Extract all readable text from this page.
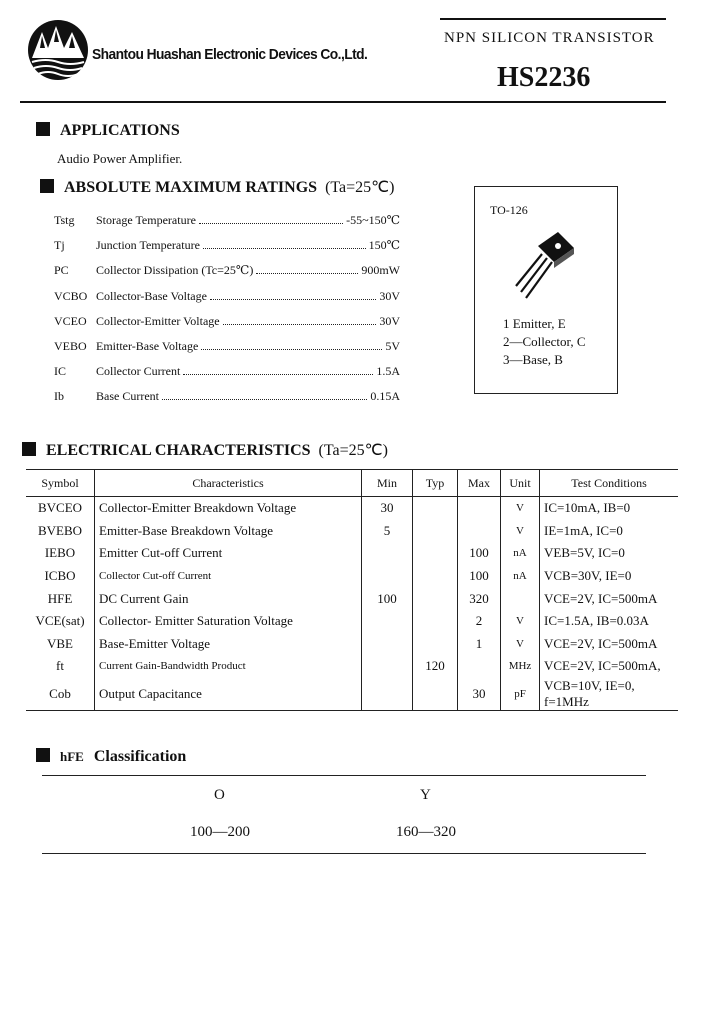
Shantou Huashan Electronic Devices Co.,Ltd.
NPN SILICON TRANSISTOR
HS2236
APPLICATIONS
Audio Power Amplifier.
ABSOLUTE MAXIMUM RATINGS (Ta=25℃)
Tstg	Storage Temperature	-55~150℃
Tj	Junction Temperature	150℃
PC	Collector Dissipation (Tc=25℃)	900mW
VCBO Collector-Base Voltage	30V
VCEO Collector-Emitter Voltage	30V
VEBO Emitter-Base Voltage	5V
IC	Collector Current	1.5A
Ib	Base Current	0.15A
TO-126
1 Emitter, E
2—Collector, C
3—Base, B
ELECTRICAL CHARACTERISTICS (Ta=25℃)
Symbol	Characteristics	Min	Typ	Max	Unit	Test Conditions
BVCEO	Collector-Emitter Breakdown Voltage	30			V	IC=10mA, IB=0
BVEBO	Emitter-Base Breakdown Voltage	5			V	IE=1mA, IC=0
IEBO	Emitter Cut-off Current			100	nA	VEB=5V, IC=0
ICBO	Collector Cut-off Current			100	nA	VCB=30V, IE=0
HFE	DC Current Gain	100		320		VCE=2V, IC=500mA
VCE(sat)	Collector- Emitter Saturation Voltage			2	V	IC=1.5A, IB=0.03A
VBE	Base-Emitter Voltage			1	V	VCE=2V, IC=500mA
ft	Current Gain-Bandwidth Product		120		MHz	VCE=2V, IC=500mA,
Cob	Output Capacitance			30	pF	VCB=10V, IE=0, f=1MHz
hFE Classification
O	Y
100—200	160—320
